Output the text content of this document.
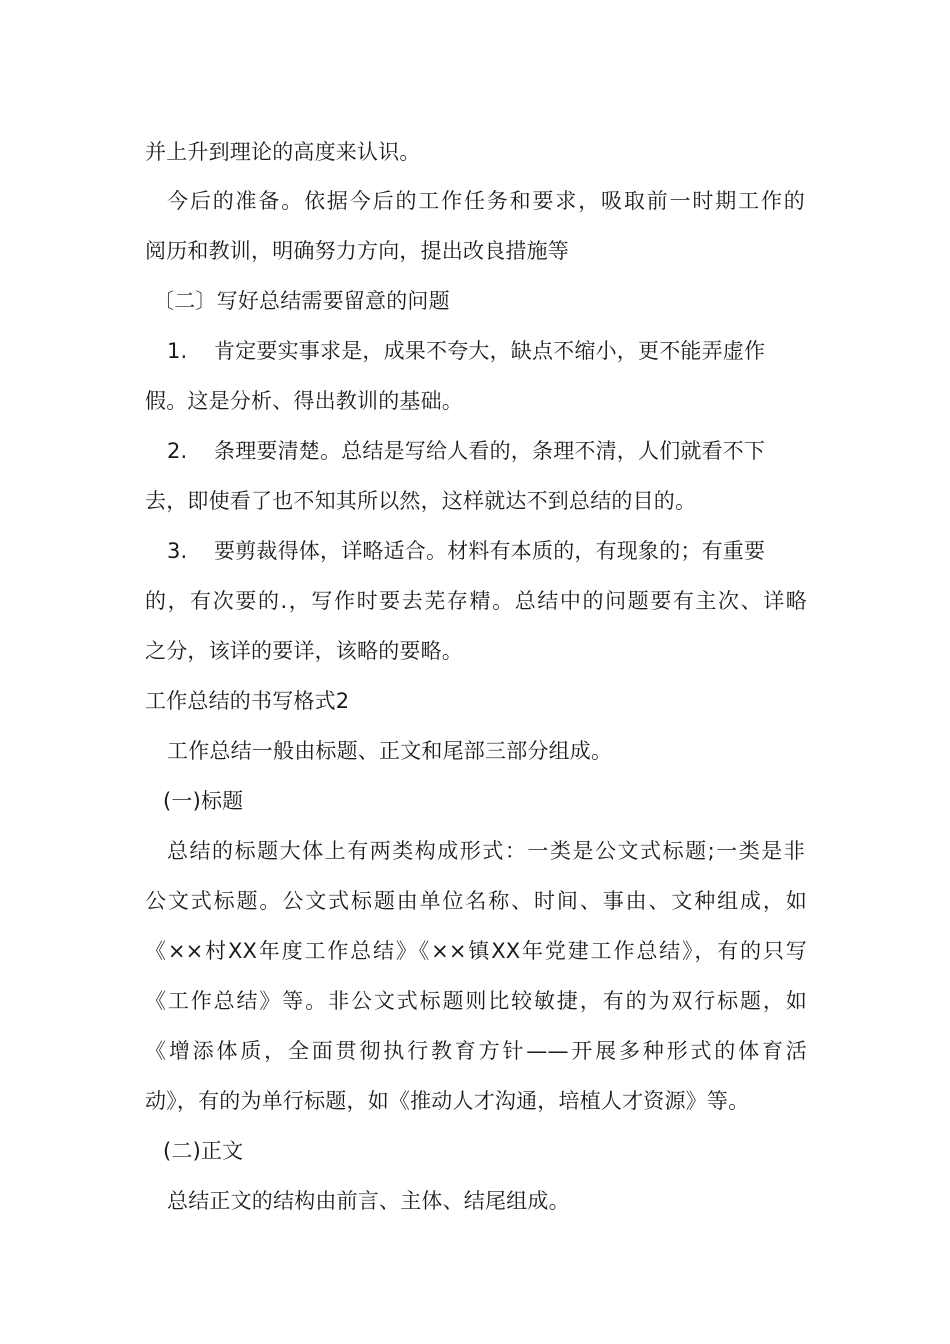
并上升到理论的高度来认识。
今后的准备。依据今后的工作任务和要求，吸取前一时期工作的
阅历和教训，明确努力方向，提出改良措施等
〔二〕写好总结需要留意的问题
1. 肯定要实事求是，成果不夸大，缺点不缩小，更不能弄虚作
假。这是分析、得出教训的基础。
2. 条理要清楚。总结是写给人看的，条理不清，人们就看不下
去，即使看了也不知其所以然，这样就达不到总结的目的。
3. 要剪裁得体，详略适合。材料有本质的，有现象的；有重要
的，有次要的.，写作时要去芜存精。总结中的问题要有主次、详略
之分，该详的要详，该略的要略。
工作总结的书写格式2
工作总结一般由标题、正文和尾部三部分组成。
(一)标题
总结的标题大体上有两类构成形式：一类是公文式标题;一类是非
公文式标题。公文式标题由单位名称、时间、事由、文种组成，如
《××村XX年度工作总结》《××镇XX年党建工作总结》，有的只写
《工作总结》等。非公文式标题则比较敏捷，有的为双行标题，如
《增添体质，全面贯彻执行教育方针——开展多种形式的体育活
动》，有的为单行标题，如《推动人才沟通，培植人才资源》等。
(二)正文
总结正文的结构由前言、主体、结尾组成。
